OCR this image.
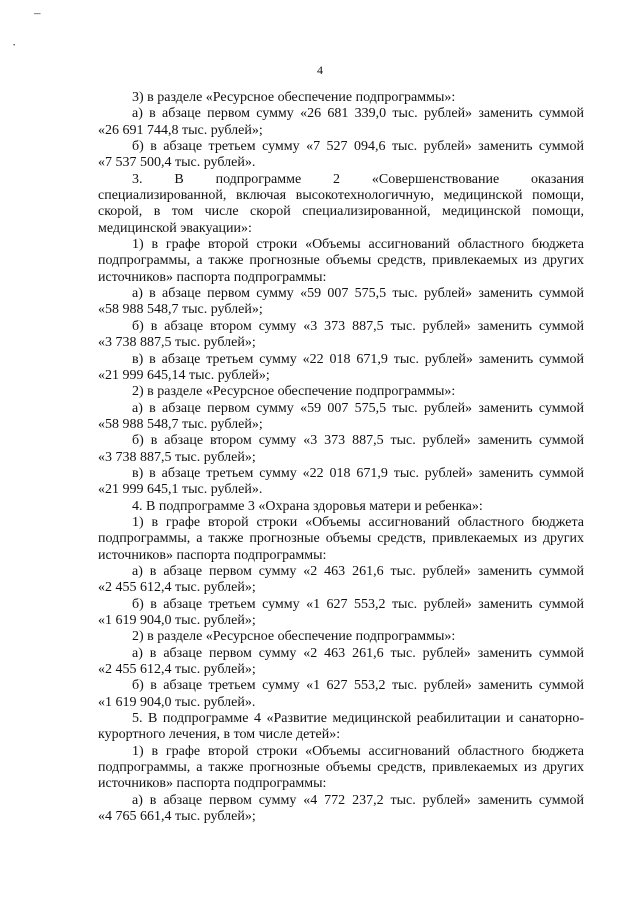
–
·
4
3) в разделе «Ресурсное обеспечение подпрограммы»:
а) в абзаце первом сумму «26 681 339,0 тыс. рублей» заменить суммой
«26 691 744,8 тыс. рублей»;
б) в абзаце третьем сумму «7 527 094,6 тыс. рублей» заменить суммой
«7 537 500,4 тыс. рублей».
3. В подпрограмме 2 «Совершенствование оказания
специализированной, включая высокотехнологичную, медицинской помощи,
скорой, в том числе скорой специализированной, медицинской помощи,
медицинской эвакуации»:
1) в графе второй строки «Объемы ассигнований областного бюджета
подпрограммы, а также прогнозные объемы средств, привлекаемых из других
источников» паспорта подпрограммы:
а) в абзаце первом сумму «59 007 575,5 тыс. рублей» заменить суммой
«58 988 548,7 тыс. рублей»;
б) в абзаце втором сумму «3 373 887,5 тыс. рублей» заменить суммой
«3 738 887,5 тыс. рублей»;
в) в абзаце третьем сумму «22 018 671,9 тыс. рублей» заменить суммой
«21 999 645,14 тыс. рублей»;
2) в разделе «Ресурсное обеспечение подпрограммы»:
а) в абзаце первом сумму «59 007 575,5 тыс. рублей» заменить суммой
«58 988 548,7 тыс. рублей»;
б) в абзаце втором сумму «3 373 887,5 тыс. рублей» заменить суммой
«3 738 887,5 тыс. рублей»;
в) в абзаце третьем сумму «22 018 671,9 тыс. рублей» заменить суммой
«21 999 645,1 тыс. рублей».
4. В подпрограмме 3 «Охрана здоровья матери и ребенка»:
1) в графе второй строки «Объемы ассигнований областного бюджета
подпрограммы, а также прогнозные объемы средств, привлекаемых из других
источников» паспорта подпрограммы:
а) в абзаце первом сумму «2 463 261,6 тыс. рублей» заменить суммой
«2 455 612,4 тыс. рублей»;
б) в абзаце третьем сумму «1 627 553,2 тыс. рублей» заменить суммой
«1 619 904,0 тыс. рублей»;
2) в разделе «Ресурсное обеспечение подпрограммы»:
а) в абзаце первом сумму «2 463 261,6 тыс. рублей» заменить суммой
«2 455 612,4 тыс. рублей»;
б) в абзаце третьем сумму «1 627 553,2 тыс. рублей» заменить суммой
«1 619 904,0 тыс. рублей».
5. В подпрограмме 4 «Развитие медицинской реабилитации и санаторно-
курортного лечения, в том числе детей»:
1) в графе второй строки «Объемы ассигнований областного бюджета
подпрограммы, а также прогнозные объемы средств, привлекаемых из других
источников» паспорта подпрограммы:
а) в абзаце первом сумму «4 772 237,2 тыс. рублей» заменить суммой
«4 765 661,4 тыс. рублей»;
